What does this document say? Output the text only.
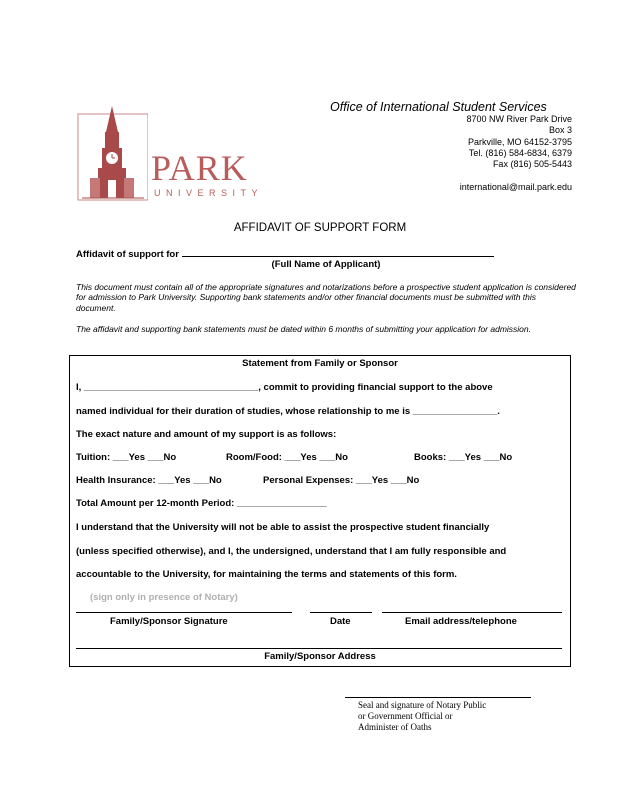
PARK
UNIVERSITY
Office of International Student Services
8700 NW River Park Drive
Box 3
Parkville, MO 64152-3795
Tel. (816) 584-6834, 6379
Fax (816) 505-5443
international@mail.park.edu
AFFIDAVIT OF SUPPORT FORM
Affidavit of support for
(Full Name of Applicant)
This document must contain all of the appropriate signatures and notarizations before a prospective student application is considered for admission to Park University. Supporting bank statements and/or other financial documents must be submitted with this document.
The affidavit and supporting bank statements must be dated within 6 months of submitting your application for admission.
Statement from Family or Sponsor
I, _________________________________, commit to providing financial support to the above
named individual for their duration of studies, whose relationship to me is ________________.
The exact nature and amount of my support is as follows:
Tuition: ___Yes ___No	Room/Food: ___Yes ___No	Books: ___Yes ___No
Health Insurance: ___Yes ___No	Personal Expenses: ___Yes ___No
Total Amount per 12-month Period: _________________
I understand that the University will not be able to assist the prospective student financially
(unless specified otherwise), and I, the undersigned, understand that I am fully responsible and
accountable to the University, for maintaining the terms and statements of this form.
(sign only in presence of Notary)
Family/Sponsor Signature	Date	Email address/telephone
Family/Sponsor Address
Seal and signature of Notary Public
or Government Official or
Administer of Oaths
